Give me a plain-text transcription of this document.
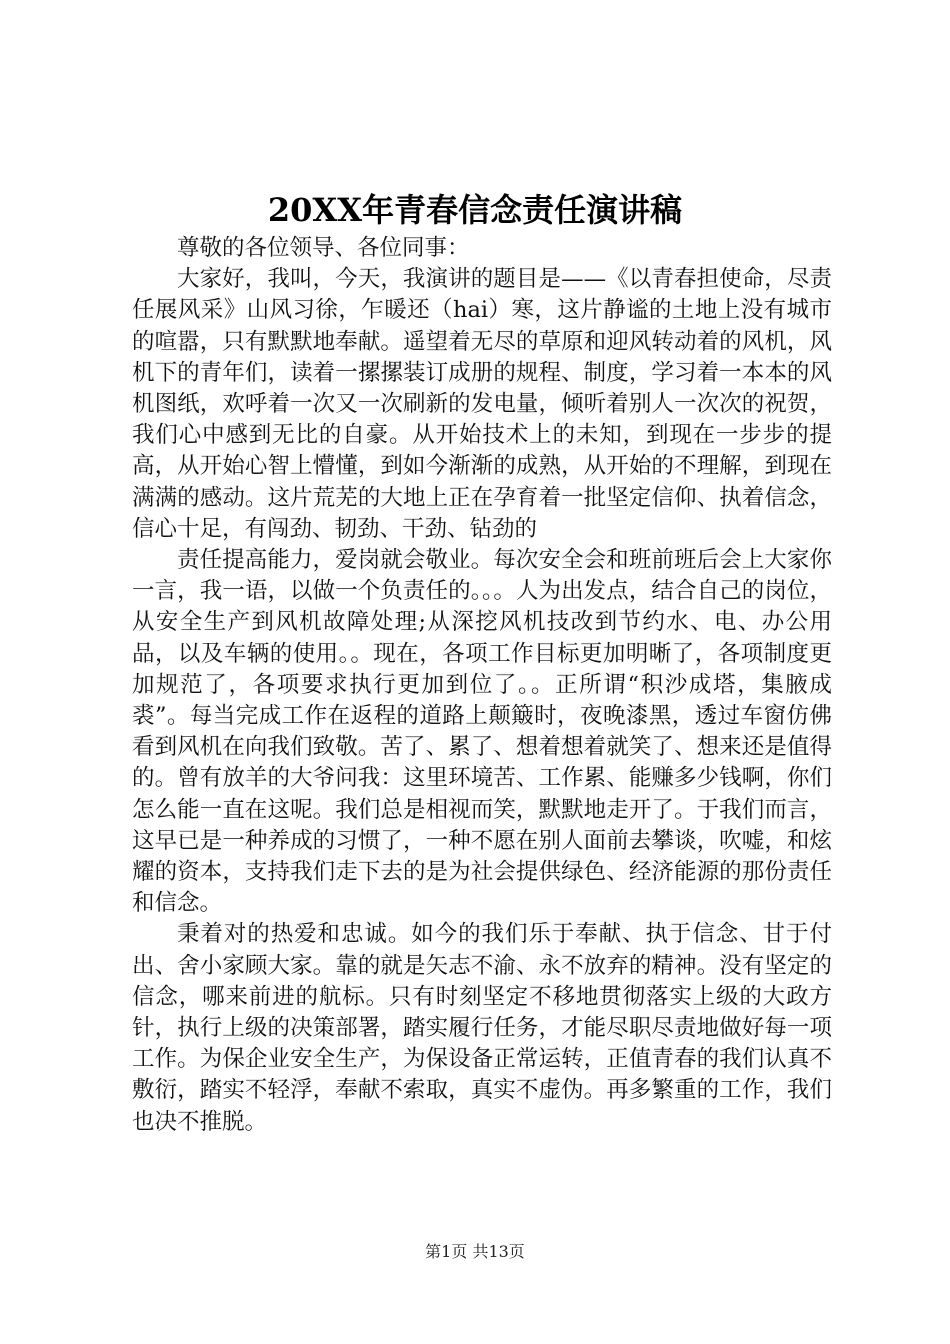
20XX年青春信念责任演讲稿

尊敬的各位领导、各位同事：

大家好，我叫，今天，我演讲的题目是——《以青春担使命，尽责任展风采》山风习徐，乍暖还（hai）寒，这片静谧的土地上没有城市的喧嚣，只有默默地奉献。遥望着无尽的草原和迎风转动着的风机，风机下的青年们，读着一摞摞装订成册的规程、制度，学习着一本本的风机图纸，欢呼着一次又一次刷新的发电量，倾听着别人一次次的祝贺，我们心中感到无比的自豪。从开始技术上的未知，到现在一步步的提高，从开始心智上懵懂，到如今渐渐的成熟，从开始的不理解，到现在满满的感动。这片荒芜的大地上正在孕育着一批坚定信仰、执着信念，信心十足，有闯劲、韧劲、干劲、钻劲的

责任提高能力，爱岗就会敬业。每次安全会和班前班后会上大家你一言，我一语，以做一个负责任的。。。人为出发点，结合自己的岗位，从安全生产到风机故障处理;从深挖风机技改到节约水、电、办公用品，以及车辆的使用。。现在，各项工作目标更加明晰了，各项制度更加规范了，各项要求执行更加到位了。。正所谓“积沙成塔，集腋成裘”。每当完成工作在返程的道路上颠簸时，夜晚漆黑，透过车窗仿佛看到风机在向我们致敬。苦了、累了、想着想着就笑了、想来还是值得的。曾有放羊的大爷问我：这里环境苦、工作累、能赚多少钱啊，你们怎么能一直在这呢。我们总是相视而笑，默默地走开了。于我们而言，这早已是一种养成的习惯了，一种不愿在别人面前去攀谈，吹嘘，和炫耀的资本，支持我们走下去的是为社会提供绿色、经济能源的那份责任和信念。

秉着对的热爱和忠诚。如今的我们乐于奉献、执于信念、甘于付出、舍小家顾大家。靠的就是矢志不渝、永不放弃的精神。没有坚定的信念，哪来前进的航标。只有时刻坚定不移地贯彻落实上级的大政方针，执行上级的决策部署，踏实履行任务，才能尽职尽责地做好每一项工作。为保企业安全生产，为保设备正常运转，正值青春的我们认真不敷衍，踏实不轻浮，奉献不索取，真实不虚伪。再多繁重的工作，我们也决不推脱。

第1页 共13页
